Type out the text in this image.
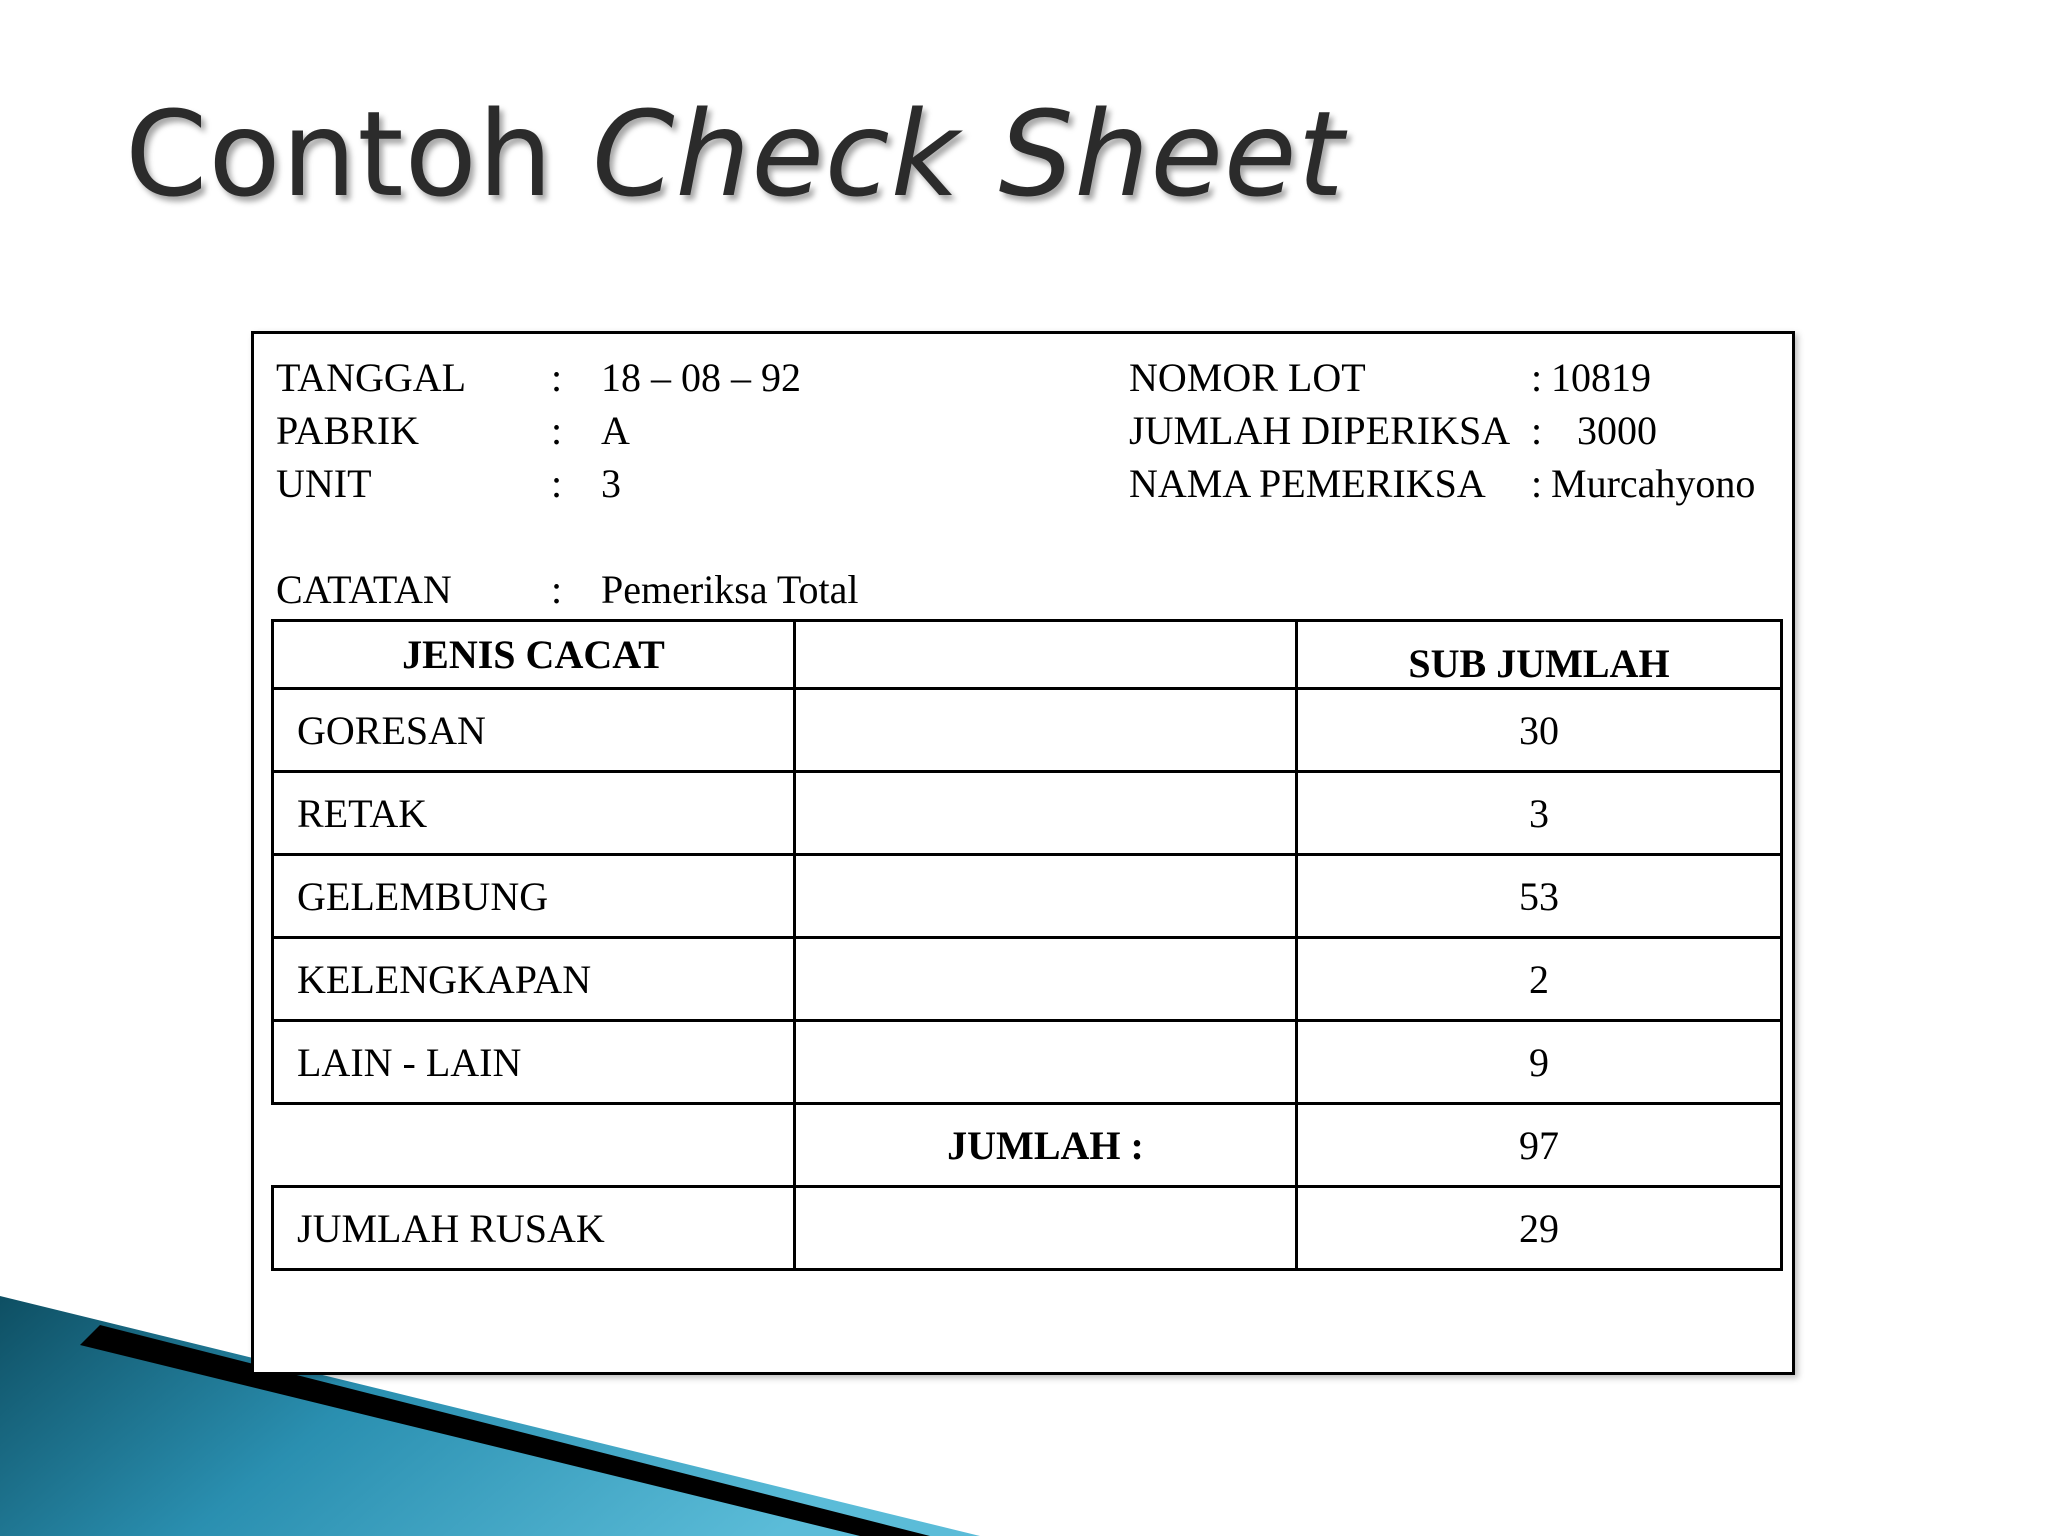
Contoh Check Sheet
TANGGAL : 18 – 08 – 92
PABRIK	: A
UNIT	: 3
NOMOR LOT	: 10819
JUMLAH DIPERIKSA : 3000
NAMA PEMERIKSA : Murcahyono
CATATAN : Pemeriksa Total
JENIS CACAT		SUB JUMLAH
GORESAN		30
RETAK		3
GELEMBUNG		53
KELENGKAPAN		2
LAIN - LAIN		9
	JUMLAH :	97
JUMLAH RUSAK		29
